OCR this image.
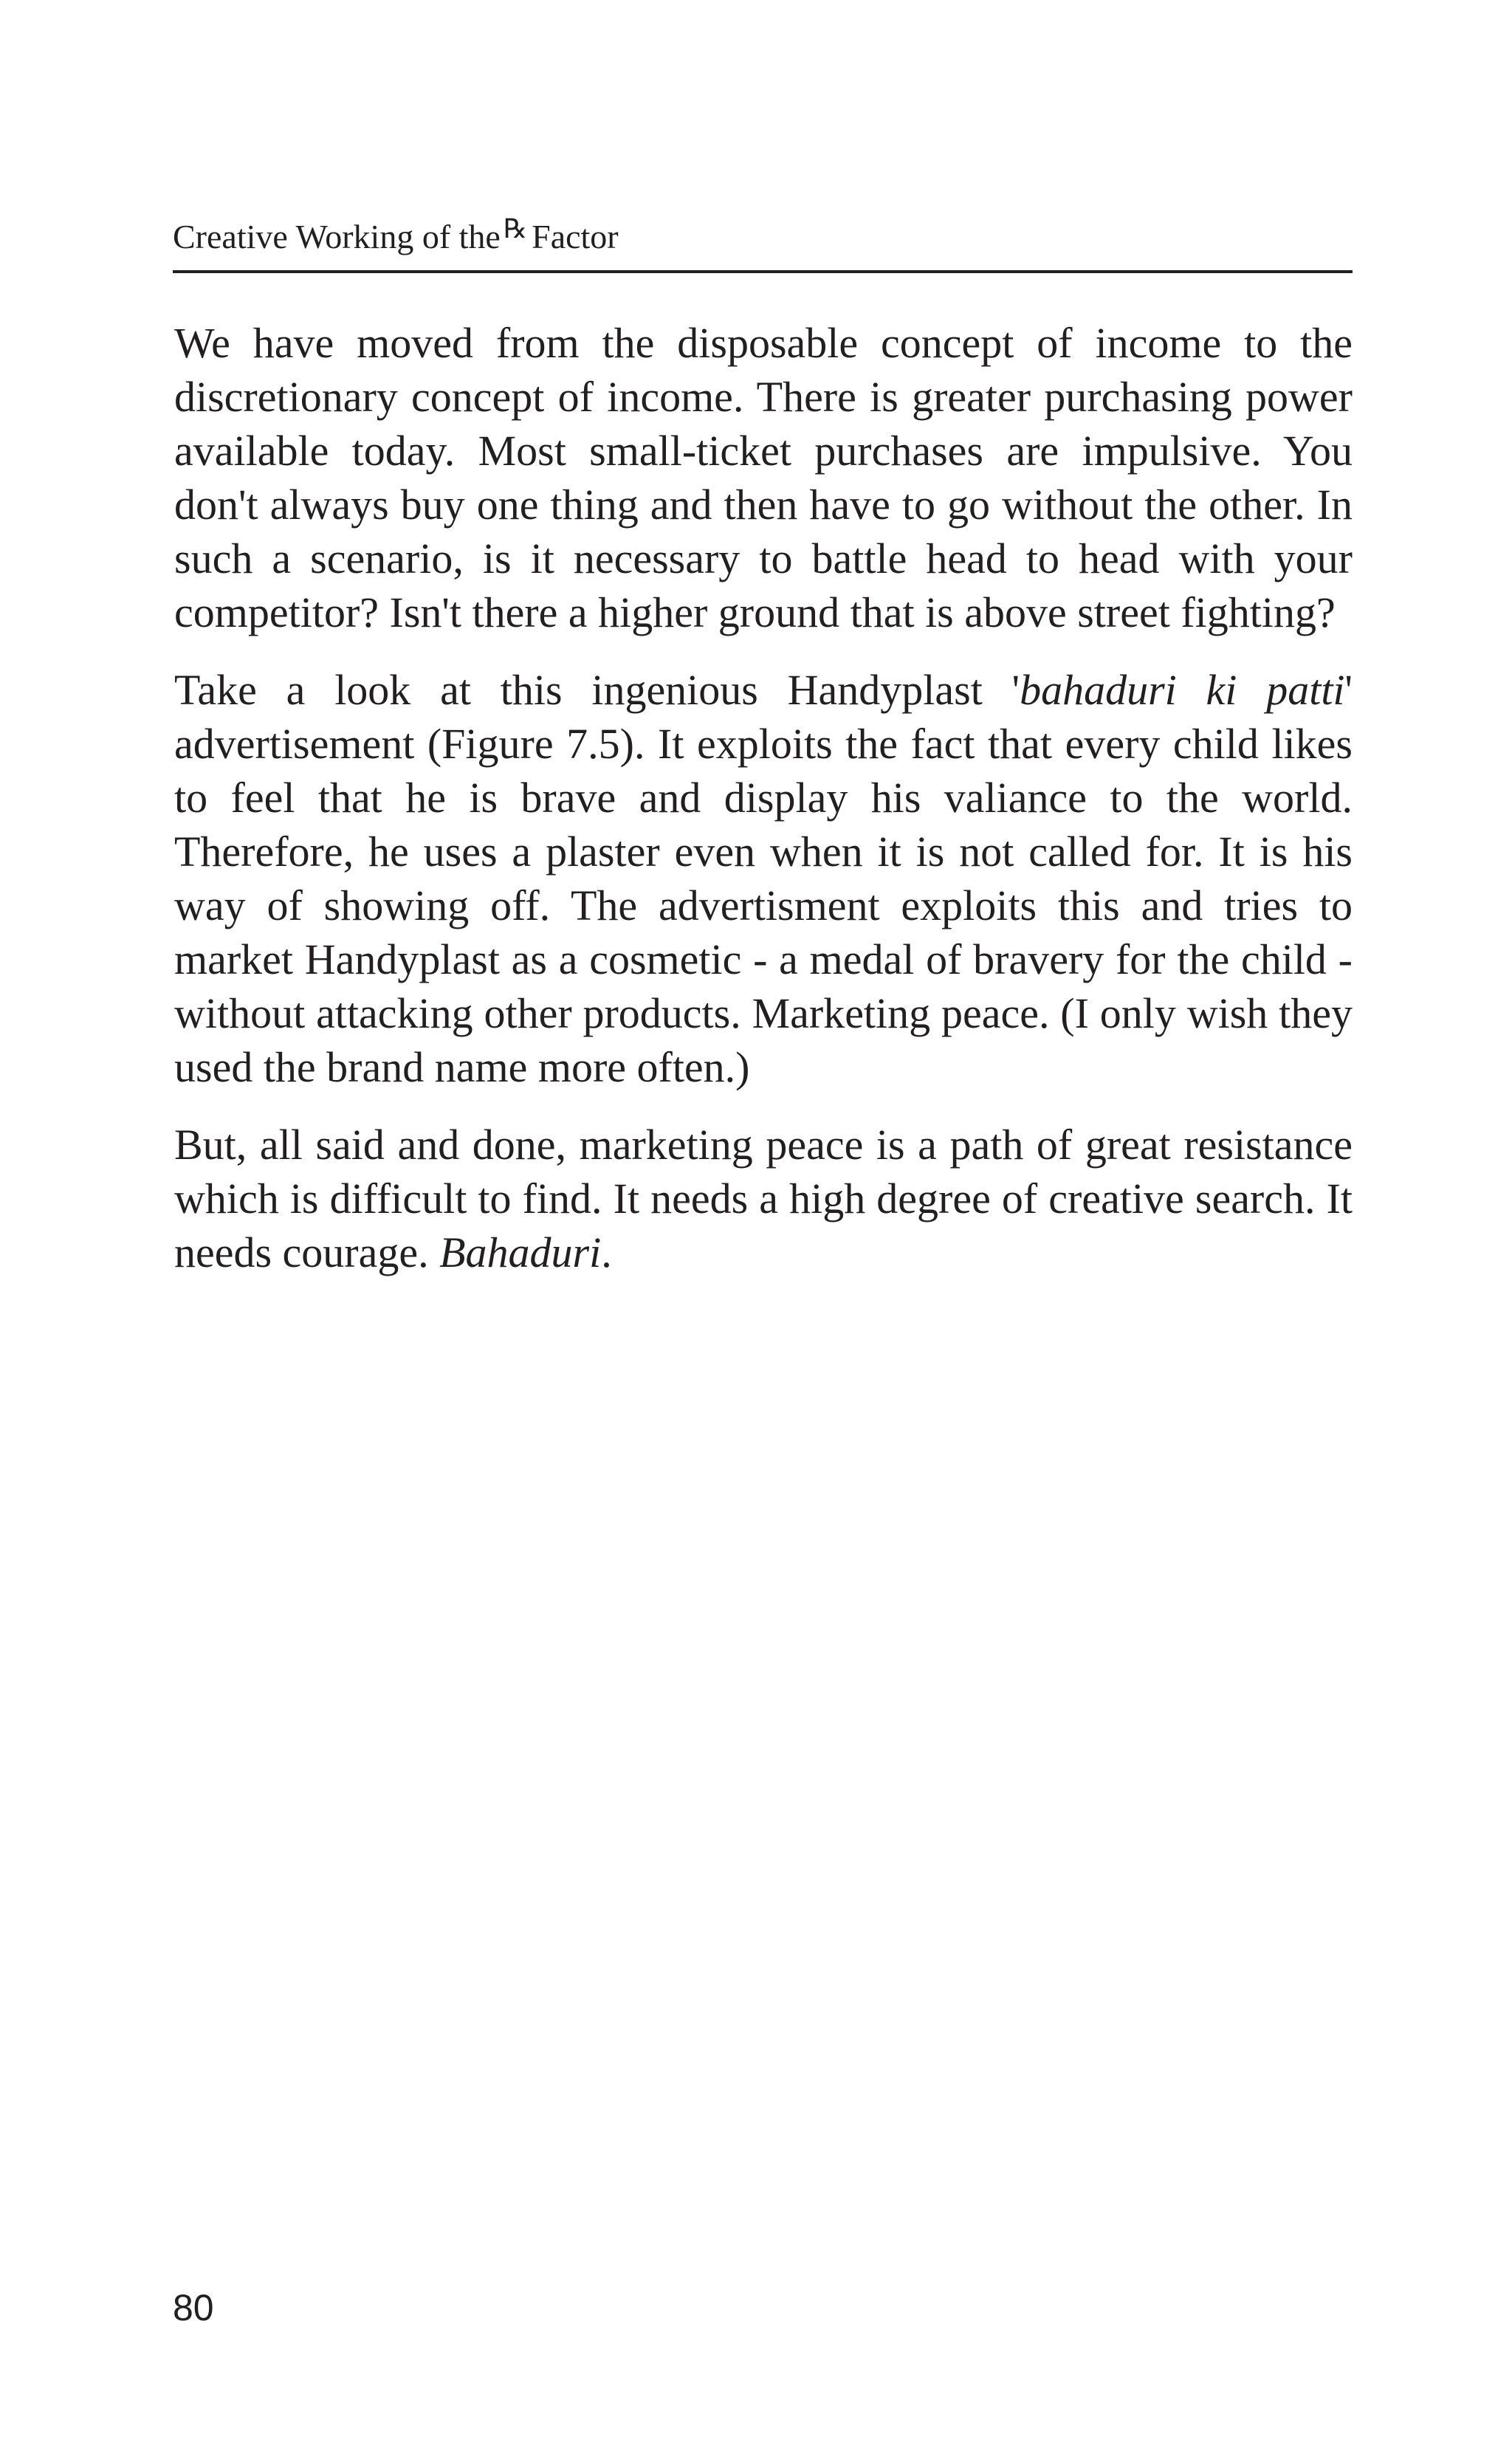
Creative Working of the ℞ Factor

We have moved from the disposable concept of income to the discretionary concept of income. There is greater purchasing power available today. Most small-ticket purchases are impulsive. You don't always buy one thing and then have to go without the other. In such a scenario, is it necessary to battle head to head with your competitor? Isn't there a higher ground that is above street fighting?

Take a look at this ingenious Handyplast 'bahaduri ki patti' advertisement (Figure 7.5). It exploits the fact that every child likes to feel that he is brave and display his valiance to the world. Therefore, he uses a plaster even when it is not called for. It is his way of showing off. The advertisment exploits this and tries to market Handyplast as a cosmetic - a medal of bravery for the child - without attacking other products. Marketing peace. (I only wish they used the brand name more often.)

But, all said and done, marketing peace is a path of great resistance which is difficult to find. It needs a high degree of creative search. It needs courage. Bahaduri.

80
